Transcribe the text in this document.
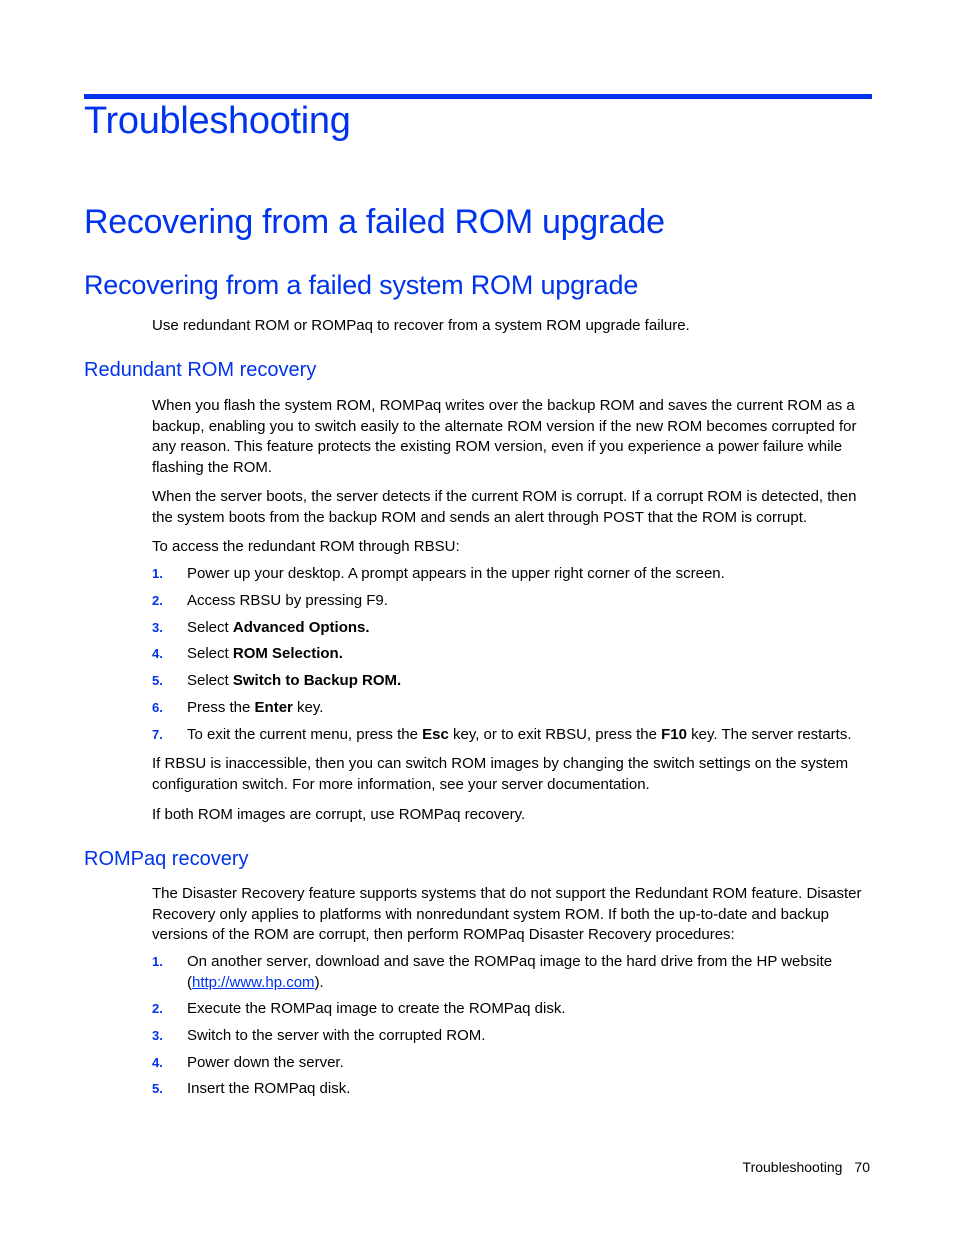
Troubleshooting
Recovering from a failed ROM upgrade
Recovering from a failed system ROM upgrade

Use redundant ROM or ROMPaq to recover from a system ROM upgrade failure.

Redundant ROM recovery

When you flash the system ROM, ROMPaq writes over the backup ROM and saves the current ROM as a backup, enabling you to switch easily to the alternate ROM version if the new ROM becomes corrupted for any reason. This feature protects the existing ROM version, even if you experience a power failure while flashing the ROM.

When the server boots, the server detects if the current ROM is corrupt. If a corrupt ROM is detected, then the system boots from the backup ROM and sends an alert through POST that the ROM is corrupt.

To access the redundant ROM through RBSU:

1. Power up your desktop. A prompt appears in the upper right corner of the screen.
2. Access RBSU by pressing F9.
3. Select Advanced Options.
4. Select ROM Selection.
5. Select Switch to Backup ROM.
6. Press the Enter key.
7. To exit the current menu, press the Esc key, or to exit RBSU, press the F10 key. The server restarts.

If RBSU is inaccessible, then you can switch ROM images by changing the switch settings on the system configuration switch. For more information, see your server documentation.

If both ROM images are corrupt, use ROMPaq recovery.

ROMPaq recovery

The Disaster Recovery feature supports systems that do not support the Redundant ROM feature. Disaster Recovery only applies to platforms with nonredundant system ROM. If both the up-to-date and backup versions of the ROM are corrupt, then perform ROMPaq Disaster Recovery procedures:

1. On another server, download and save the ROMPaq image to the hard drive from the HP website (http://www.hp.com).
2. Execute the ROMPaq image to create the ROMPaq disk.
3. Switch to the server with the corrupted ROM.
4. Power down the server.
5. Insert the ROMPaq disk.
Troubleshooting 70
